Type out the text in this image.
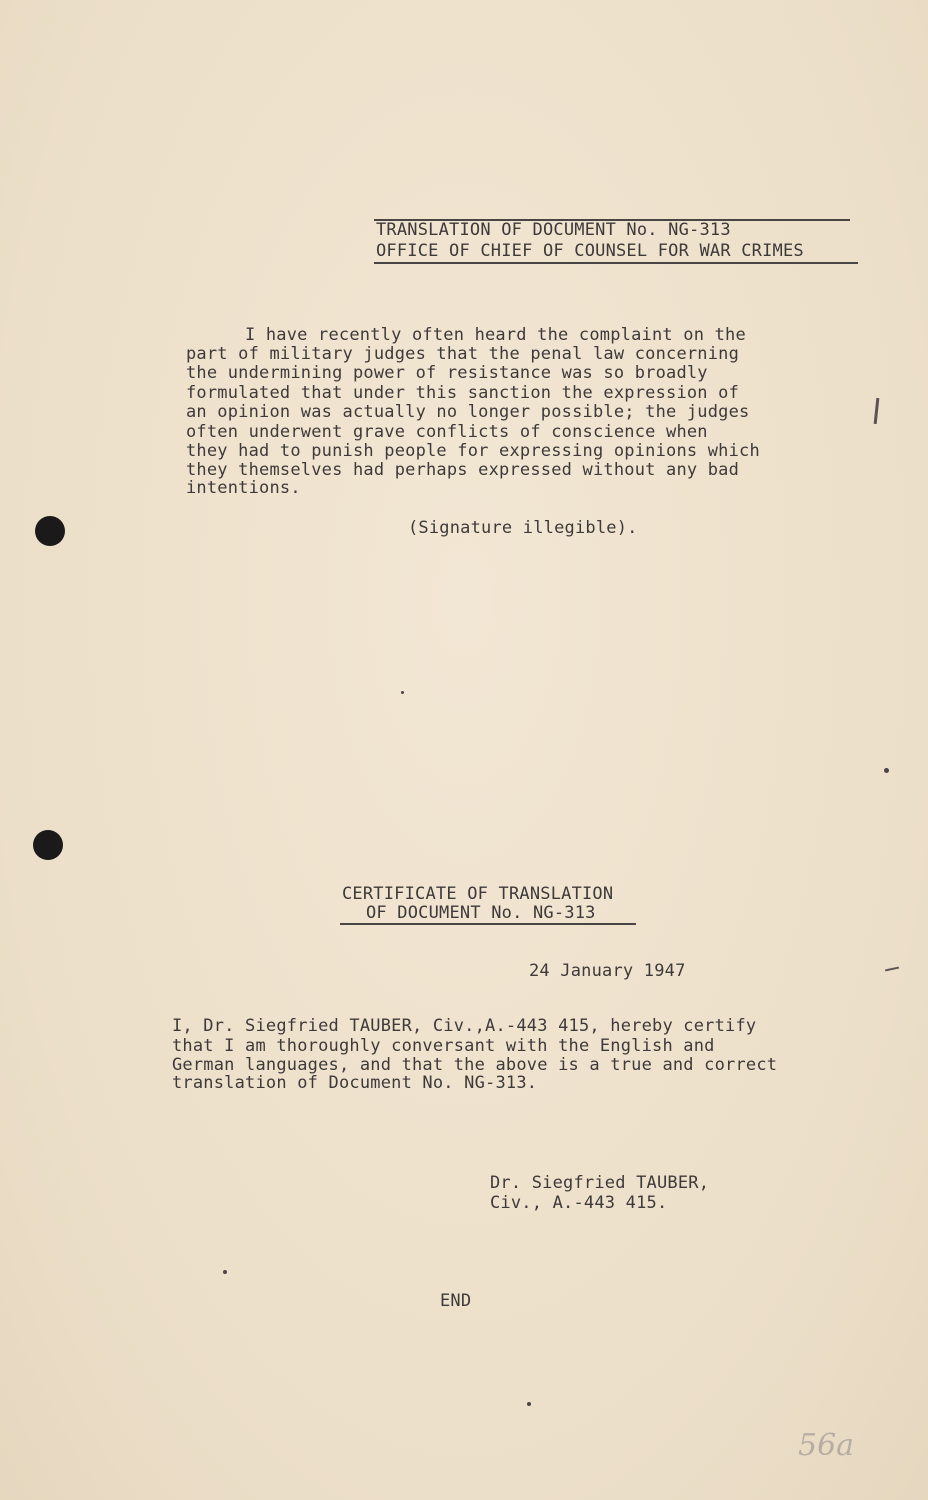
TRANSLATION OF DOCUMENT No. NG-313
OFFICE OF CHIEF OF COUNSEL FOR WAR CRIMES
I have recently often heard the complaint on the
part of military judges that the penal law concerning
the undermining power of resistance was so broadly
formulated that under this sanction the expression of
an opinion was actually no longer possible; the judges
often underwent grave conflicts of conscience when
they had to punish people for expressing opinions which
they themselves had perhaps expressed without any bad
intentions.
(Signature illegible).
CERTIFICATE OF TRANSLATION
OF DOCUMENT No. NG-313
24 January 1947
I, Dr. Siegfried TAUBER, Civ.,A.-443 415, hereby certify
that I am thoroughly conversant with the English and
German languages, and that the above is a true and correct
translation of Document No. NG-313.
Dr. Siegfried TAUBER,
Civ., A.-443 415.
END
56a
